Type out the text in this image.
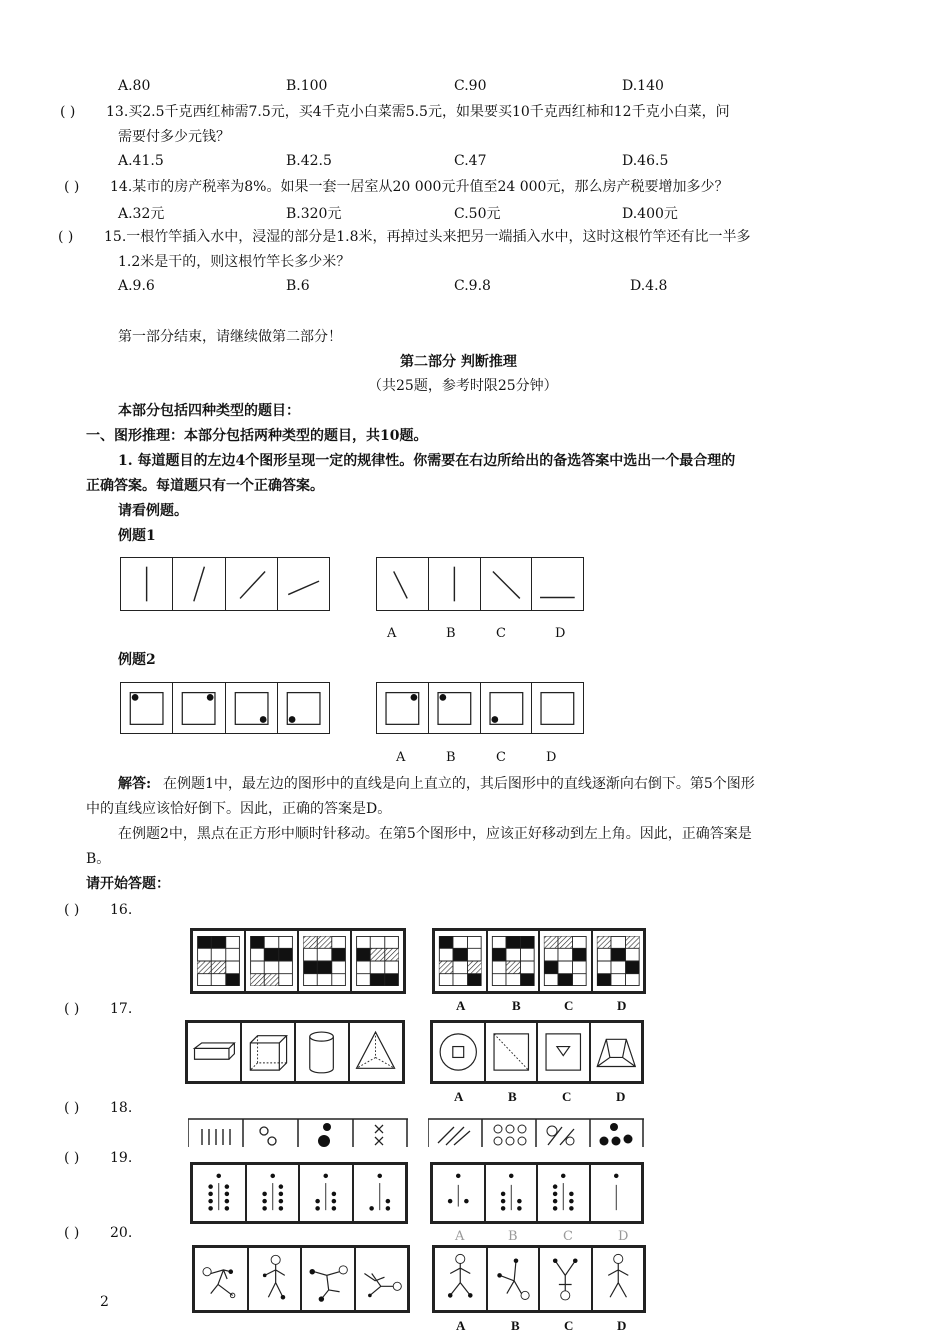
A.80	B.100	C.90	D.140
( ) 13.买2.5千克西红柿需7.5元，买4千克小白菜需5.5元，如果要买10千克西红柿和12千克小白菜，问
需要付多少元钱？
A.41.5	B.42.5	C.47	D.46.5
( ) 14.某市的房产税率为8%。如果一套一居室从20 000元升值至24 000元，那么房产税要增加多少？
A.32元	B.320元	C.50元	D.400元
( ) 15.一根竹竿插入水中，浸湿的部分是1.8米，再掉过头来把另一端插入水中，这时这根竹竿还有比一半多
1.2米是干的，则这根竹竿长多少米？
A.9.6	B.6	C.9.8	D.4.8
第一部分结束，请继续做第二部分！
第二部分 判断推理
（共25题，参考时限25分钟）
本部分包括四种类型的题目：
一、图形推理：本部分包括两种类型的题目，共10题。
1. 每道题目的左边4个图形呈现一定的规律性。你需要在右边所给出的备选答案中选出一个最合理的
正确答案。每道题只有一个正确答案。
请看例题。
例题1
A	B	C	D
例题2
A	B	C	D
解答: 在例题1中，最左边的图形中的直线是向上直立的，其后图形中的直线逐渐向右倒下。第5个图形
中的直线应该恰好倒下。因此，正确的答案是D。
在例题2中，黑点在正方形中顺时针移动。在第5个图形中，应该正好移动到左上角。因此，正确答案是
B。
请开始答题：
( ) 16.
( ) 17.
( ) 18.
( ) 19.
( ) 20.
A	B	C	D
A	B	C	D
A	B	C	D
A	B	C	D
2
